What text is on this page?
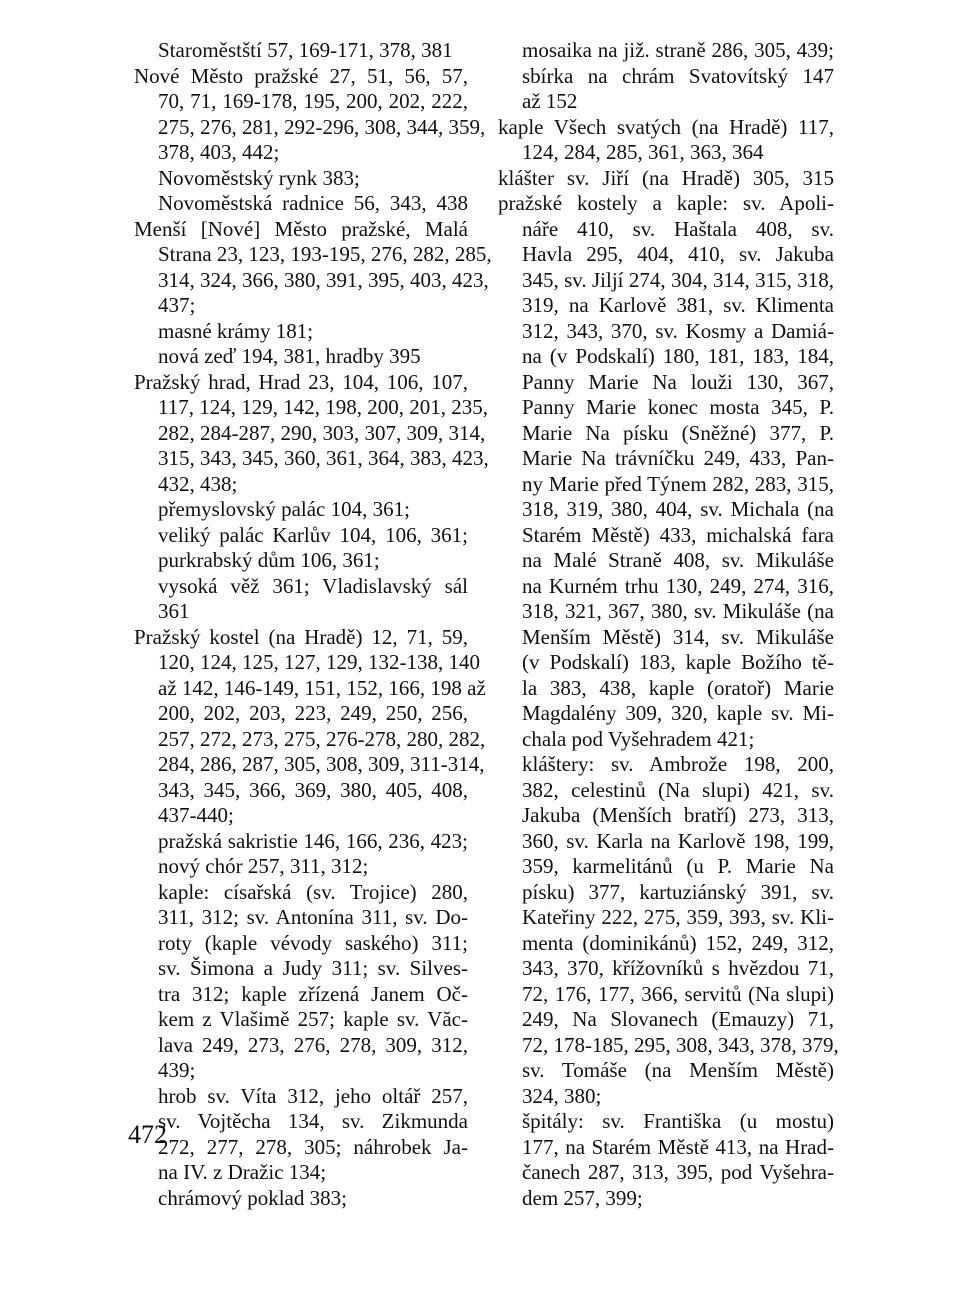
Staroměstští 57, 169-171, 378, 381
Nové Město pražské 27, 51, 56, 57,
70, 71, 169-178, 195, 200, 202, 222,
275, 276, 281, 292-296, 308, 344, 359,
378, 403, 442;
Novoměstský rynk 383;
Novoměstská radnice 56, 343, 438
Menší [Nové] Město pražské, Malá
Strana 23, 123, 193-195, 276, 282, 285,
314, 324, 366, 380, 391, 395, 403, 423,
437;
masné krámy 181;
nová zeď 194, 381, hradby 395
Pražský hrad, Hrad 23, 104, 106, 107,
117, 124, 129, 142, 198, 200, 201, 235,
282, 284-287, 290, 303, 307, 309, 314,
315, 343, 345, 360, 361, 364, 383, 423,
432, 438;
přemyslovský palác 104, 361;
veliký palác Karlův 104, 106, 361;
purkrabský dům 106, 361;
vysoká věž 361; Vladislavský sál
361
Pražský kostel (na Hradě) 12, 71, 59,
120, 124, 125, 127, 129, 132-138, 140
až 142, 146-149, 151, 152, 166, 198 až
200, 202, 203, 223, 249, 250, 256,
257, 272, 273, 275, 276-278, 280, 282,
284, 286, 287, 305, 308, 309, 311-314,
343, 345, 366, 369, 380, 405, 408,
437-440;
pražská sakristie 146, 166, 236, 423;
nový chór 257, 311, 312;
kaple: císařská (sv. Trojice) 280,
311, 312; sv. Antonína 311, sv. Do-
roty (kaple vévody saského) 311;
sv. Šimona a Judy 311; sv. Silves-
tra 312; kaple zřízená Janem Oč-
kem z Vlašimě 257; kaple sv. Văc-
lava 249, 273, 276, 278, 309, 312,
439;
hrob sv. Víta 312, jeho oltář 257,
sv. Vojtěcha 134, sv. Zikmunda
272, 277, 278, 305; náhrobek Ja-
na IV. z Dražic 134;
chrámový poklad 383;
mosaika na již. straně 286, 305, 439;
sbírka na chrám Svatovítský 147
až 152
kaple Všech svatých (na Hradě) 117,
124, 284, 285, 361, 363, 364
klášter sv. Jiří (na Hradě) 305, 315
pražské kostely a kaple: sv. Apoli-
náře 410, sv. Haštala 408, sv.
Havla 295, 404, 410, sv. Jakuba
345, sv. Jiljí 274, 304, 314, 315, 318,
319, na Karlově 381, sv. Klimenta
312, 343, 370, sv. Kosmy a Damiá-
na (v Podskalí) 180, 181, 183, 184,
Panny Marie Na louži 130, 367,
Panny Marie konec mosta 345, P.
Marie Na písku (Sněžné) 377, P.
Marie Na trávníčku 249, 433, Pan-
ny Marie před Týnem 282, 283, 315,
318, 319, 380, 404, sv. Michala (na
Starém Městě) 433, michalská fara
na Malé Straně 408, sv. Mikuláše
na Kurném trhu 130, 249, 274, 316,
318, 321, 367, 380, sv. Mikuláše (na
Menším Městě) 314, sv. Mikuláše
(v Podskalí) 183, kaple Božího tě-
la 383, 438, kaple (oratoř) Marie
Magdalény 309, 320, kaple sv. Mi-
chala pod Vyšehradem 421;
kláštery: sv. Ambrože 198, 200,
382, celestinů (Na slupi) 421, sv.
Jakuba (Menších bratří) 273, 313,
360, sv. Karla na Karlově 198, 199,
359, karmelitánů (u P. Marie Na
písku) 377, kartuziánský 391, sv.
Kateřiny 222, 275, 359, 393, sv. Kli-
menta (dominikánů) 152, 249, 312,
343, 370, křížovníků s hvězdou 71,
72, 176, 177, 366, servitů (Na slupi)
249, Na Slovanech (Emauzy) 71,
72, 178-185, 295, 308, 343, 378, 379,
sv. Tomáše (na Menším Městě)
324, 380;
špitály: sv. Františka (u mostu)
177, na Starém Městě 413, na Hrad-
čanech 287, 313, 395, pod Vyšehra-
dem 257, 399;
472
